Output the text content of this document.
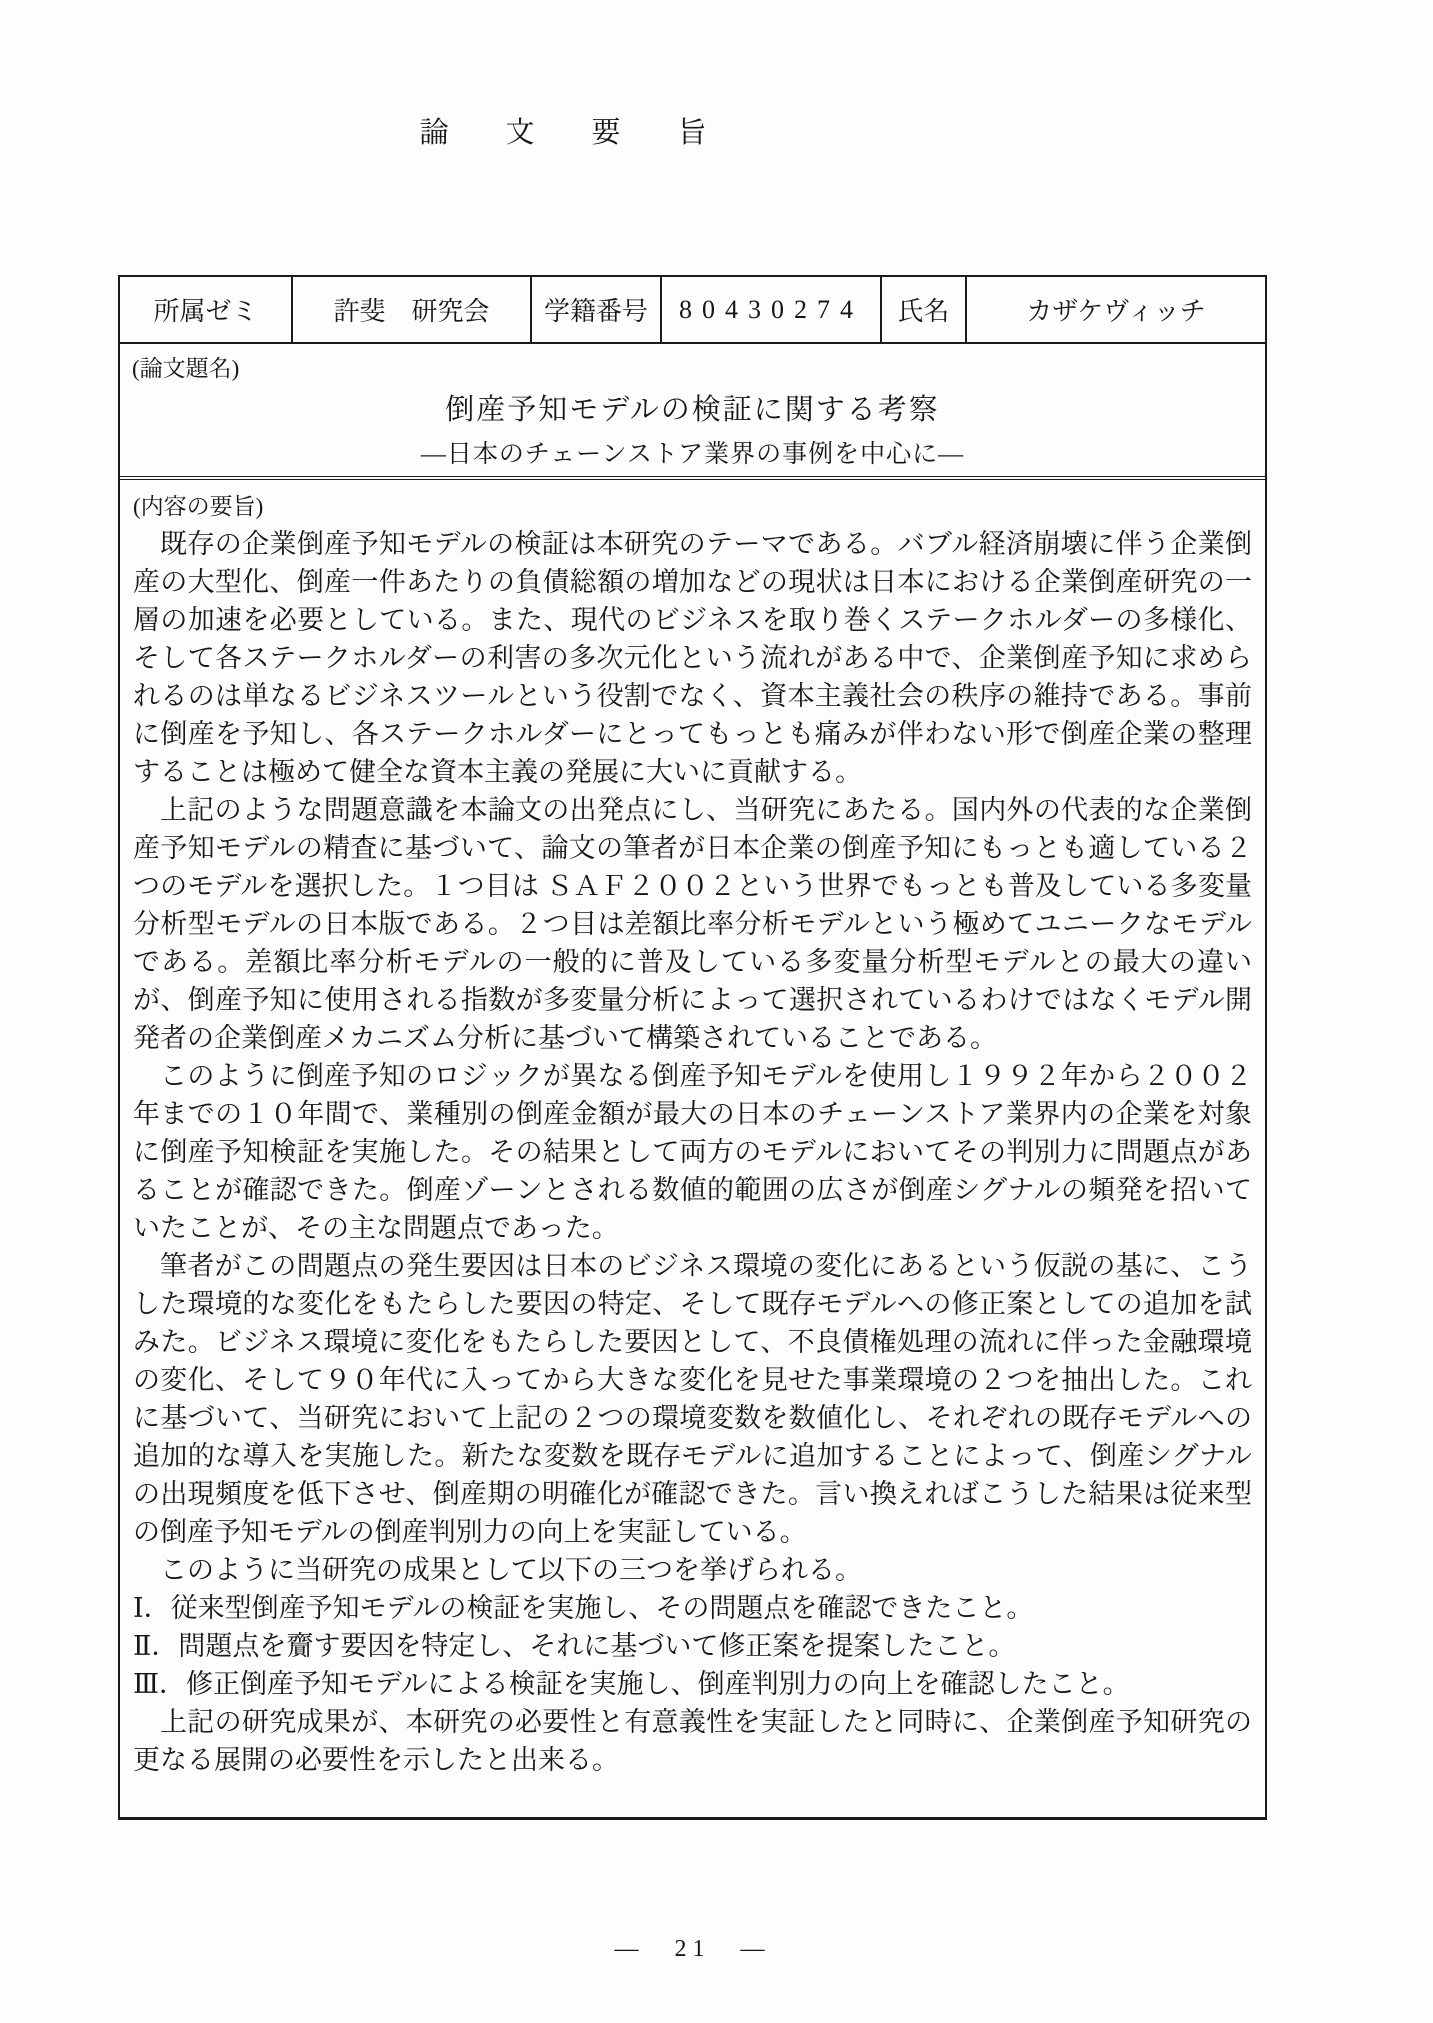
論　文　要　旨
所属ゼミ	許斐　研究会	学籍番号	80430274	氏名	カザケヴィッチ
(論文題名)
倒産予知モデルの検証に関する考察
―日本のチェーンストア業界の事例を中心に―
(内容の要旨)

既存の企業倒産予知モデルの検証は本研究のテーマである。バブル経済崩壊に伴う企業倒産の大型化、倒産一件あたりの負債総額の増加などの現状は日本における企業倒産研究の一層の加速を必要としている。また、現代のビジネスを取り巻くステークホルダーの多様化、そして各ステークホルダーの利害の多次元化という流れがある中で、企業倒産予知に求められるのは単なるビジネスツールという役割でなく、資本主義社会の秩序の維持である。事前に倒産を予知し、各ステークホルダーにとってもっとも痛みが伴わない形で倒産企業の整理することは極めて健全な資本主義の発展に大いに貢献する。

上記のような問題意識を本論文の出発点にし、当研究にあたる。国内外の代表的な企業倒産予知モデルの精査に基づいて、論文の筆者が日本企業の倒産予知にもっとも適している２つのモデルを選択した。１つ目は ＳＡＦ２００２という世界でもっとも普及している多変量分析型モデルの日本版である。２つ目は差額比率分析モデルという極めてユニークなモデルである。差額比率分析モデルの一般的に普及している多変量分析型モデルとの最大の違いが、倒産予知に使用される指数が多変量分析によって選択されているわけではなくモデル開発者の企業倒産メカニズム分析に基づいて構築されていることである。

このように倒産予知のロジックが異なる倒産予知モデルを使用し１９９２年から２００２年までの１０年間で、業種別の倒産金額が最大の日本のチェーンストア業界内の企業を対象に倒産予知検証を実施した。その結果として両方のモデルにおいてその判別力に問題点があることが確認できた。倒産ゾーンとされる数値的範囲の広さが倒産シグナルの頻発を招いていたことが、その主な問題点であった。

筆者がこの問題点の発生要因は日本のビジネス環境の変化にあるという仮説の基に、こうした環境的な変化をもたらした要因の特定、そして既存モデルへの修正案としての追加を試みた。ビジネス環境に変化をもたらした要因として、不良債権処理の流れに伴った金融環境の変化、そして９０年代に入ってから大きな変化を見せた事業環境の２つを抽出した。これに基づいて、当研究において上記の２つの環境変数を数値化し、それぞれの既存モデルへの追加的な導入を実施した。新たな変数を既存モデルに追加することによって、倒産シグナルの出現頻度を低下させ、倒産期の明確化が確認できた。言い換えればこうした結果は従来型の倒産予知モデルの倒産判別力の向上を実証している。

このように当研究の成果として以下の三つを挙げられる。

Ⅰ．従来型倒産予知モデルの検証を実施し、その問題点を確認できたこと。

Ⅱ．問題点を齎す要因を特定し、それに基づいて修正案を提案したこと。

Ⅲ．修正倒産予知モデルによる検証を実施し、倒産判別力の向上を確認したこと。

上記の研究成果が、本研究の必要性と有意義性を実証したと同時に、企業倒産予知研究の更なる展開の必要性を示したと出来る。

―　21　―
